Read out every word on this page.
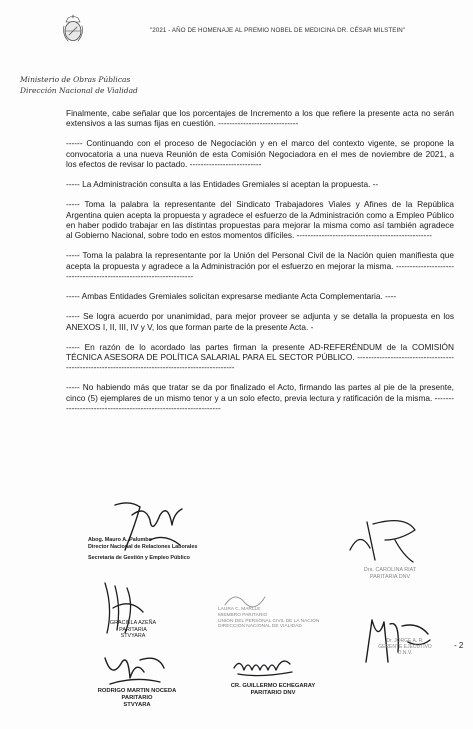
"2021 - AÑO DE HOMENAJE AL PREMIO NOBEL DE MEDICINA DR. CÉSAR MILSTEIN"
Ministerio de Obras Públicas
Dirección Nacional de Vialidad

Finalmente, cabe señalar que los porcentajes de Incremento a los que refiere la presente acta no serán extensivos a las sumas fijas en cuestión. -----------------------------

------ Continuando con el proceso de Negociación y en el marco del contexto vigente, se propone la convocatoria a una nueva Reunión de esta Comisión Negociadora en el mes de noviembre de 2021, a los efectos de revisar lo pactado. --------------------------

----- La Administración consulta a las Entidades Gremiales si aceptan la propuesta. --

----- Toma la palabra la representante del Sindicato Trabajadores Viales y Afines de la República Argentina quien acepta la propuesta y agradece el esfuerzo de la Administración como a Empleo Público en haber podido trabajar en las distintas propuestas para mejorar la misma como así también agradece al Gobierno Nacional, sobre todo en estos momentos difíciles. -------------------------------------------------

----- Toma la palabra la representante por la Unión del Personal Civil de la Nación quien manifiesta que acepta la propuesta y agradece a la Administración por el esfuerzo en mejorar la misma. -------------------------------------------------------------------

----- Ambas Entidades Gremiales solicitan expresarse mediante Acta Complementaria. ----

----- Se logra acuerdo por unanimidad, para mejor proveer se adjunta y se detalla la propuesta en los ANEXOS I, II, III, IV y V, los que forman parte de la presente Acta. -

----- En razón de lo acordado las partes firman la presente AD-REFERÉNDUM de la COMISIÓN TÉCNICA ASESORA DE POLÍTICA SALARIAL PARA EL SECTOR PÚBLICO. ------------------------------------------------------------------------------------------------

----- No habiendo más que tratar se da por finalizado el Acto, firmando las partes al pie de la presente, cinco (5) ejemplares de un mismo tenor y a un solo efecto, previa lectura y ratificación de la misma. ---------------------------------------------------------------

- 2
Abog. Mauro A. Palumbo
Director Nacional de Relaciones Laborales
Secretaría de Gestión y Empleo Público
Dra. CAROLINA RIAT
PARITARIA DNV
GRACIELA AZEÑA
PARITARIA
STVYARA
LAURA C. MARLLE
MIEMBRO PARITARIO
UNION DEL PERSONAL CIVIL DE LA NACION
DIRECCION NACIONAL DE VIALIDAD
Dr. JORGE A. R.
GERENTE EJECUTIVO
D.N.V.
RODRIGO MARTIN NOCEDA
PARITARIO
STVYARA
CR. GUILLERMO ECHEGARAY
PARITARIO DNV
